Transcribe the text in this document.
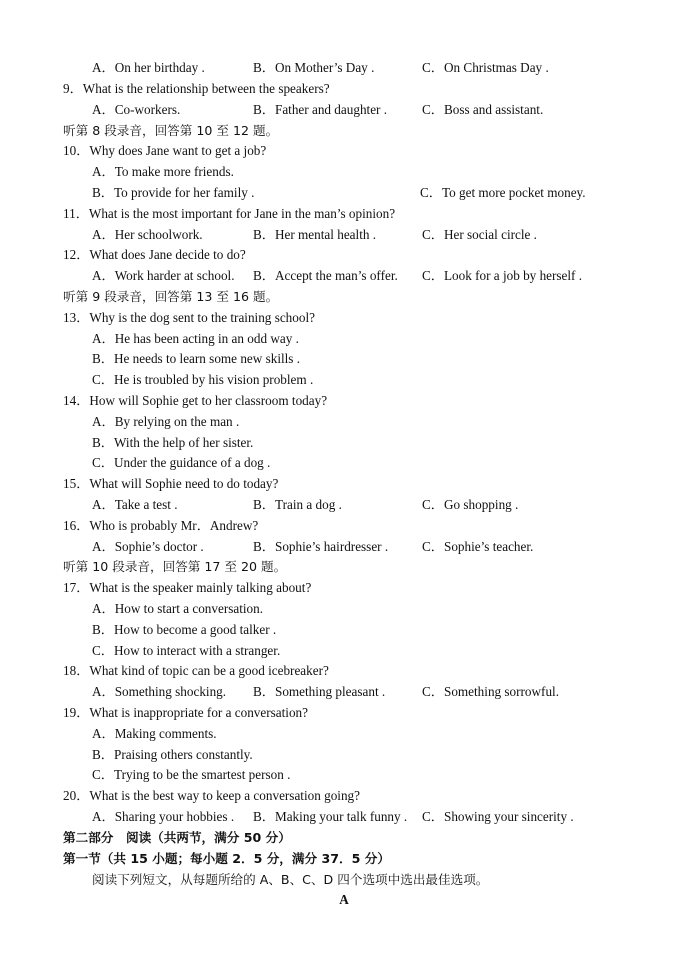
A．On her birthday .	B．On Mother’s Day .	C．On Christmas Day .
9．What is the relationship between the speakers?
A．Co-workers.	B．Father and daughter .	C．Boss and assistant.
听第 8 段录音，回答第 10 至 12 题。
10．Why does Jane want to get a job?
A．To make more friends.
B．To provide for her family .	C．To get more pocket money.
11．What is the most important for Jane in the man’s opinion?
A．Her schoolwork.	B．Her mental health .	C．Her social circle .
12．What does Jane decide to do?
A．Work harder at school. B．Accept the man’s offer. C．Look for a job by herself .
听第 9 段录音，回答第 13 至 16 题。
13．Why is the dog sent to the training school?
A．He has been acting in an odd way .
B．He needs to learn some new skills .
C．He is troubled by his vision problem .
14．How will Sophie get to her classroom today?
A．By relying on the man .
B．With the help of her sister.
C．Under the guidance of a dog .
15．What will Sophie need to do today?
A．Take a test .	B．Train a dog .	C．Go shopping .
16．Who is probably Mr．Andrew?
A．Sophie’s doctor .	B．Sophie’s hairdresser .	C．Sophie’s teacher.
听第 10 段录音，回答第 17 至 20 题。
17．What is the speaker mainly talking about?
A．How to start a conversation.
B．How to become a good talker .
C．How to interact with a stranger.
18．What kind of topic can be a good icebreaker?
A．Something shocking. B．Something pleasant .	C．Something sorrowful.
19．What is inappropriate for a conversation?
A．Making comments.
B．Praising others constantly.
C．Trying to be the smartest person .
20．What is the best way to keep a conversation going?
A．Sharing your hobbies . B．Making your talk funny . C．Showing your sincerity .
第二部分　阅读（共两节，满分 50 分）
第一节（共 15 小题；每小题 2．5 分，满分 37．5 分）
阅读下列短文，从每题所给的 A、B、C、D 四个选项中选出最佳选项。
A
